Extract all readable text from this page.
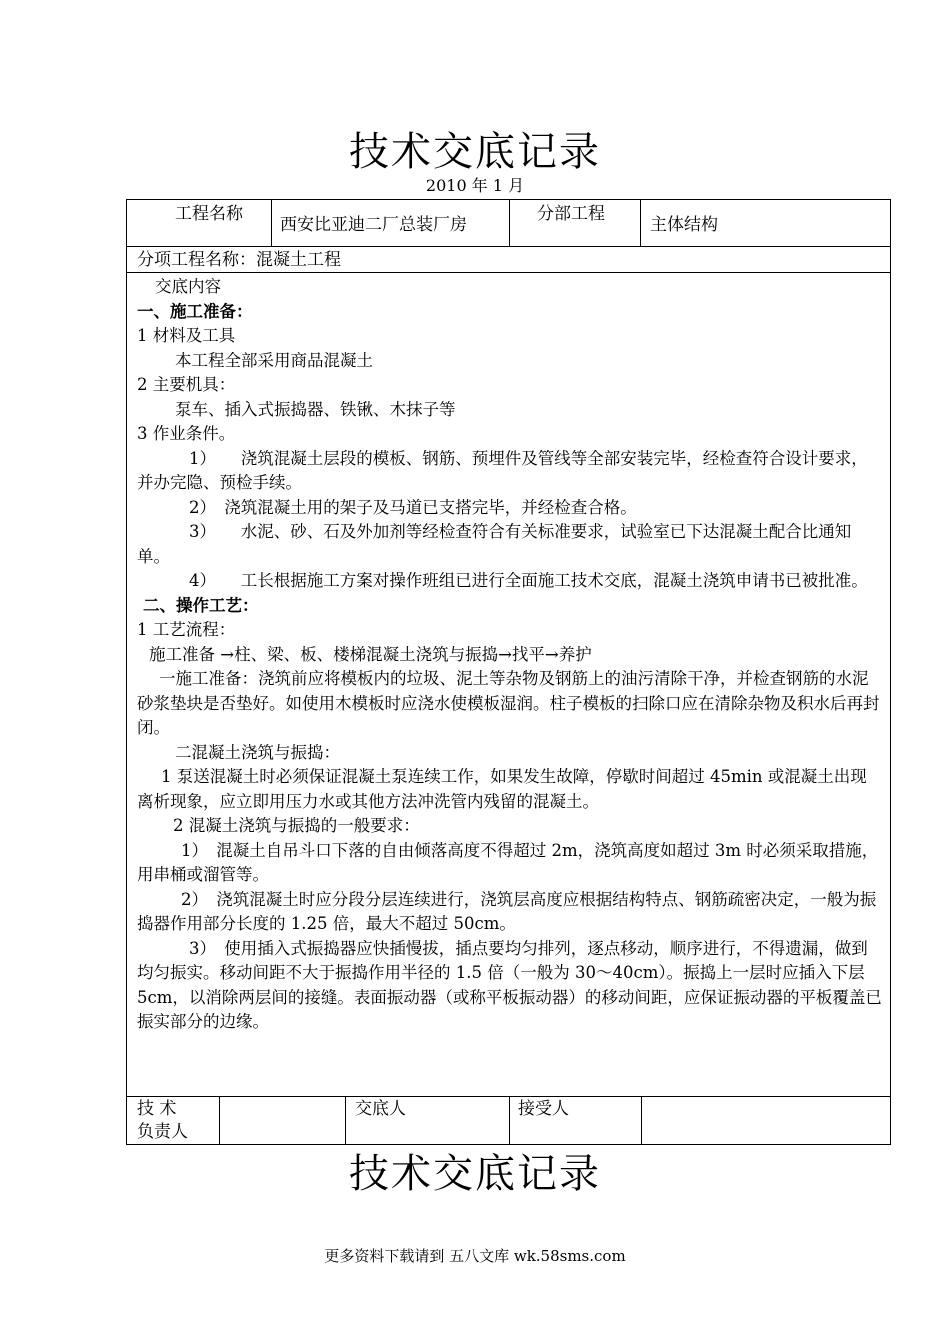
技术交底记录
2010 年 1 月
工程名称
西安比亚迪二厂总装厂房
分部工程
主体结构
分项工程名称：混凝土工程

交底内容

一、施工准备：

1 材料及工具

本工程全部采用商品混凝土

2 主要机具：

泵车、插入式振捣器、铁锹、木抹子等

3 作业条件。

1）　　浇筑混凝土层段的模板、钢筋、预埋件及管线等全部安装完毕，经检查符合设计要求，并办完隐、预检手续。

2）　浇筑混凝土用的架子及马道已支搭完毕，并经检查合格。

3）　　水泥、砂、石及外加剂等经检查符合有关标准要求，试验室已下达混凝土配合比通知单。

4）　　工长根据施工方案对操作班组已进行全面施工技术交底，混凝土浇筑申请书已被批准。

二、操作工艺：

1 工艺流程：

施工准备 →柱、梁、板、楼梯混凝土浇筑与振捣→找平→养护

一施工准备：浇筑前应将模板内的垃圾、泥土等杂物及钢筋上的油污清除干净，并检查钢筋的水泥砂浆垫块是否垫好。如使用木模板时应浇水使模板湿润。柱子模板的扫除口应在清除杂物及积水后再封闭。

二混凝土浇筑与振捣：

1 泵送混凝土时必须保证混凝土泵连续工作，如果发生故障，停歇时间超过 45min 或混凝土出现离析现象，应立即用压力水或其他方法冲洗管内残留的混凝土。

2 混凝土浇筑与振捣的一般要求：

1）　混凝土自吊斗口下落的自由倾落高度不得超过 2m，浇筑高度如超过 3m 时必须采取措施，用串桶或溜管等。

2）　浇筑混凝土时应分段分层连续进行，浇筑层高度应根据结构特点、钢筋疏密决定，一般为振捣器作用部分长度的 1.25 倍，最大不超过 50cm。

3）　使用插入式振捣器应快插慢拔，插点要均匀排列，逐点移动，顺序进行，不得遗漏，做到均匀振实。移动间距不大于振捣作用半径的 1.5 倍（一般为 30～40cm）。振捣上一层时应插入下层 5cm，以消除两层间的接缝。表面振动器（或称平板振动器）的移动间距，应保证振动器的平板覆盖已振实部分的边缘。

技 术
负责人
交底人	接受人
技术交底记录
更多资料下载请到 五八文库 wk.58sms.com
